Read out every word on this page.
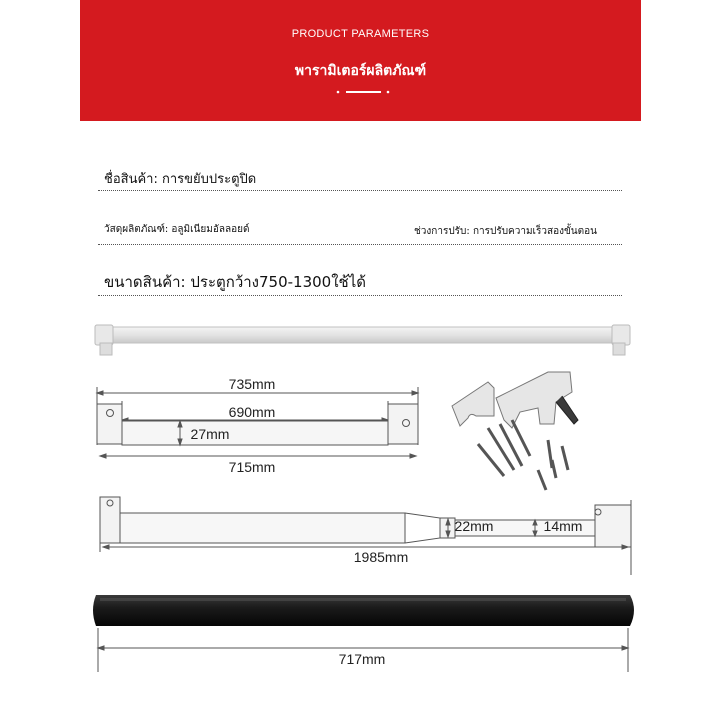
PRODUCT PARAMETERS
พารามิเตอร์ผลิตภัณฑ์
ชื่อสินค้า: การขยับประตูปิด
วัสดุผลิตภัณฑ์: อลูมิเนียมอัลลอยด์	ช่วงการปรับ: การปรับความเร็วสองขั้นตอน
ขนาดสินค้า: ประตูกว้าง750-1300ใช้ได้
735mm
690mm
27mm
715mm
22mm	14mm
1985mm
717mm
